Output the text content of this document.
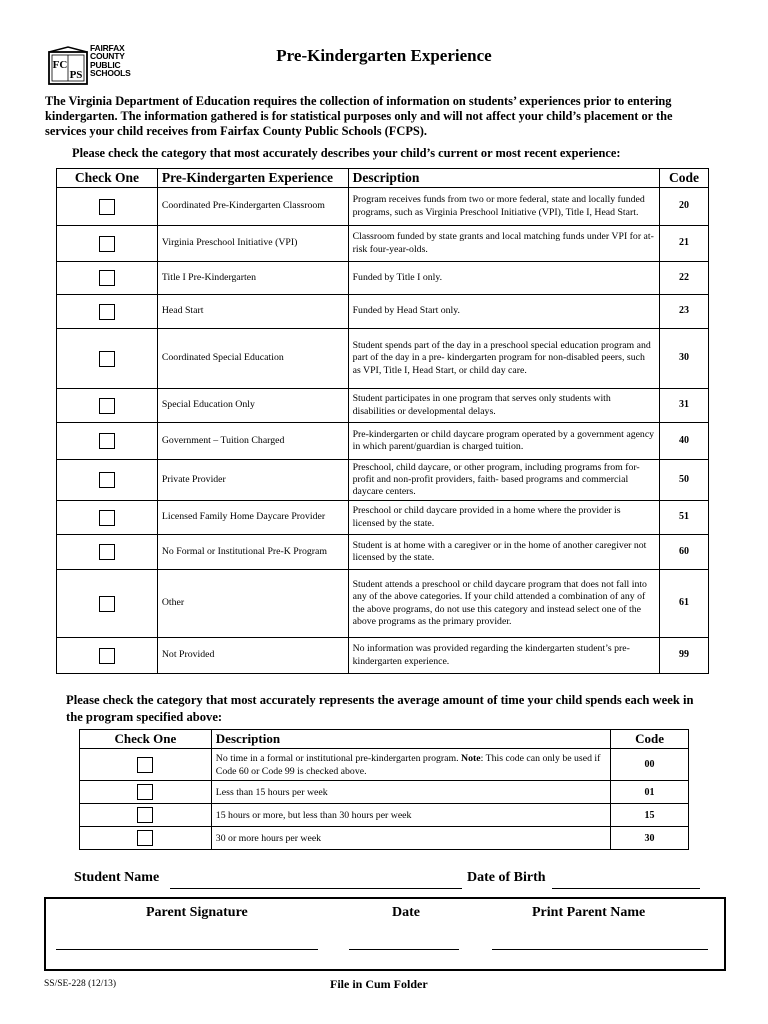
FC
PS
FAIRFAX
COUNTY
PUBLIC
SCHOOLS
Pre-Kindergarten Experience

The Virginia Department of Education requires the collection of information on students’ experiences prior to entering kindergarten. The information gathered is for statistical purposes only and will not affect your child’s placement or the services your child receives from Fairfax County Public Schools (FCPS).

Please check the category that most accurately describes your child’s current or most recent experience:

Check One	Pre-Kindergarten Experience	Description	Code
	Coordinated Pre-Kindergarten Classroom	Program receives funds from two or more federal, state and locally funded programs, such as Virginia Preschool Initiative (VPI), Title I, Head Start.	20
	Virginia Preschool Initiative (VPI)	Classroom funded by state grants and local matching funds under VPI for at-risk four-year-olds.	21
	Title I Pre-Kindergarten	Funded by Title I only.	22
	Head Start	Funded by Head Start only.	23
	Coordinated Special Education	Student spends part of the day in a preschool special education program and part of the day in a pre- kindergarten program for non-disabled peers, such as VPI, Title I, Head Start, or child day care.	30
	Special Education Only	Student participates in one program that serves only students with disabilities or developmental delays.	31
	Government – Tuition Charged	Pre-kindergarten or child daycare program operated by a government agency in which parent/guardian is charged tuition.	40
	Private Provider	Preschool, child daycare, or other program, including programs from for-profit and non-profit providers, faith- based programs and commercial daycare centers.	50
	Licensed Family Home Daycare Provider	Preschool or child daycare provided in a home where the provider is licensed by the state.	51
	No Formal or Institutional Pre-K Program	Student is at home with a caregiver or in the home of another caregiver not licensed by the state.	60
	Other	Student attends a preschool or child daycare program that does not fall into any of the above categories. If your child attended a combination of any of the above programs, do not use this category and instead select one of the above programs as the primary provider.	61
	Not Provided	No information was provided regarding the kindergarten student’s pre-kindergarten experience.	99

Please check the category that most accurately represents the average amount of time your child spends each week in the program specified above:

Check One	Description	Code
	No time in a formal or institutional pre-kindergarten program. Note: This code can only be used if Code 60 or Code 99 is checked above.	00
	Less than 15 hours per week	01
	15 hours or more, but less than 30 hours per week	15
	30 or more hours per week	30
Student Name	Date of Birth
Parent Signature	Date	Print Parent Name
SS/SE-228 (12/13)	File in Cum Folder
